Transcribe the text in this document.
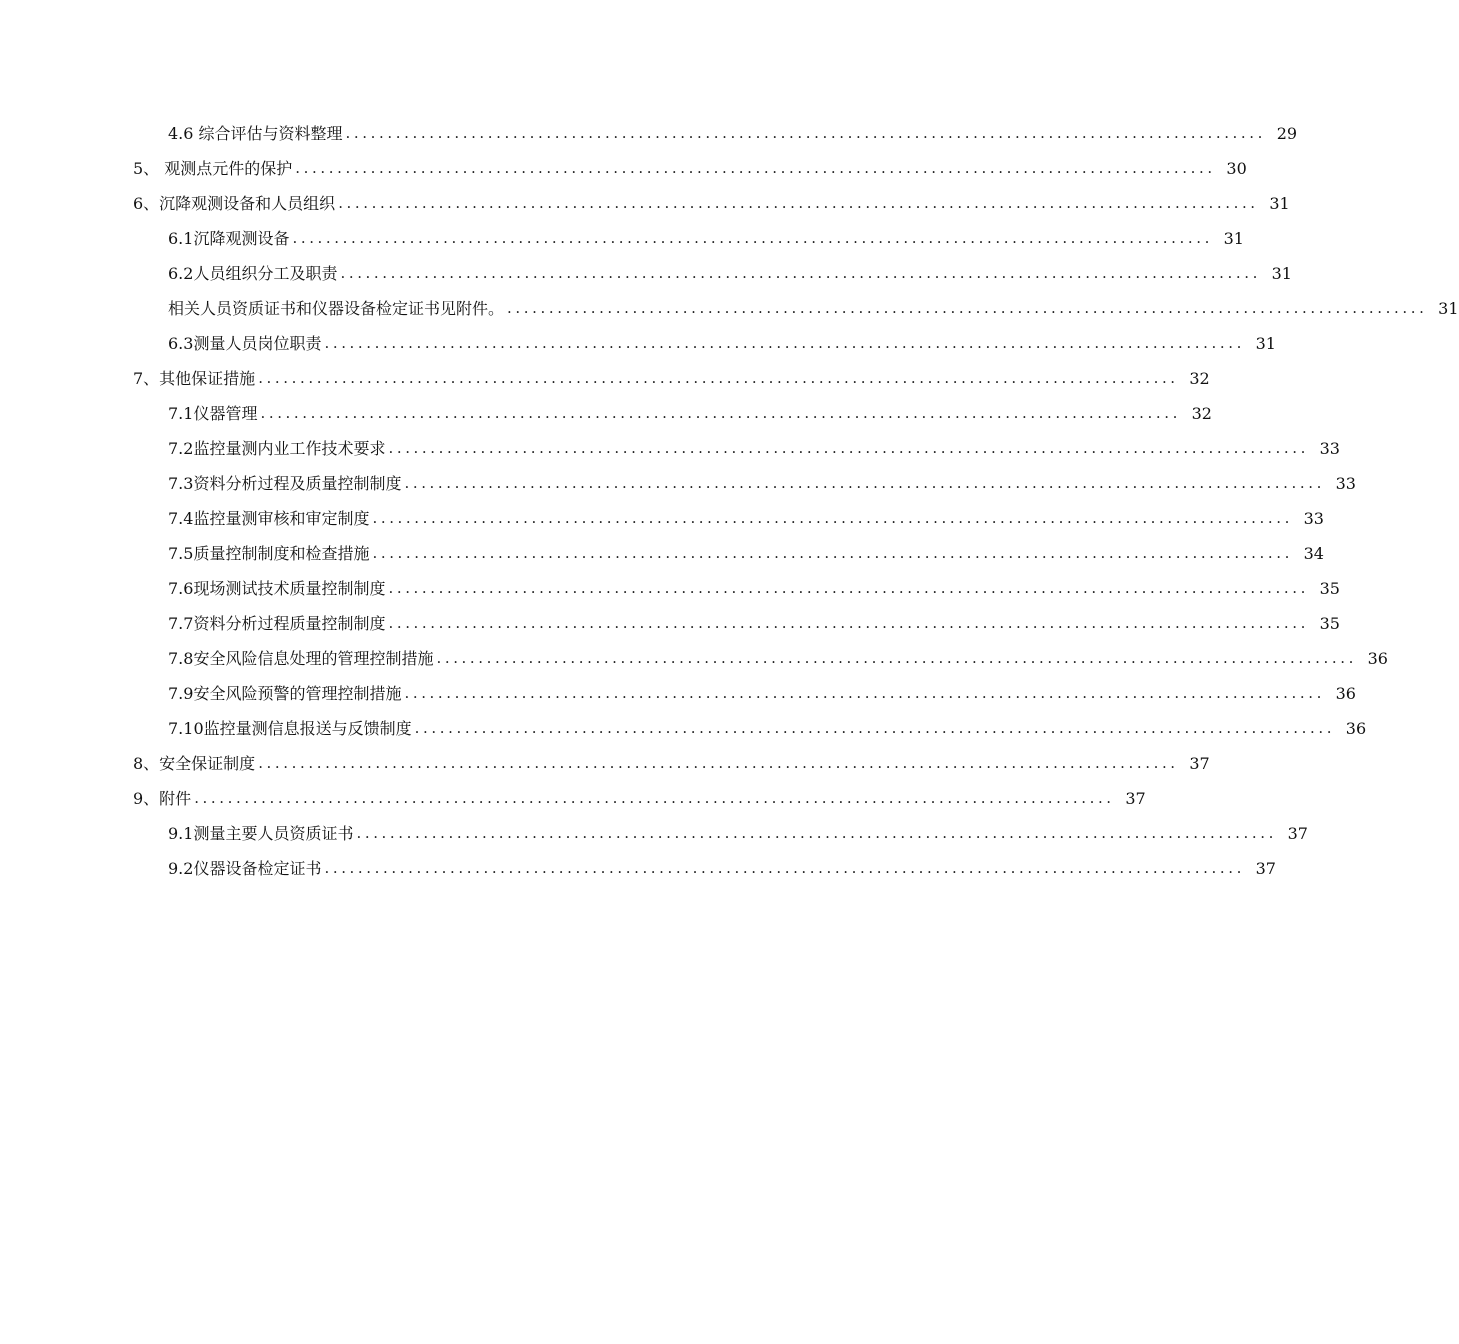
4.6 综合评估与资料整理 .............................................................................................................. 29
5、 观测点元件的保护 .............................................................................................................. 30
6、沉降观测设备和人员组织 .............................................................................................................. 31
6.1沉降观测设备 .............................................................................................................. 31
6.2人员组织分工及职责 .............................................................................................................. 31
相关人员资质证书和仪器设备检定证书见附件。 .............................................................................................................. 31
6.3测量人员岗位职责 .............................................................................................................. 31
7、其他保证措施 .............................................................................................................. 32
7.1仪器管理 .............................................................................................................. 32
7.2监控量测内业工作技术要求 .............................................................................................................. 33
7.3资料分析过程及质量控制制度 .............................................................................................................. 33
7.4监控量测审核和审定制度 .............................................................................................................. 33
7.5质量控制制度和检查措施 .............................................................................................................. 34
7.6现场测试技术质量控制制度 .............................................................................................................. 35
7.7资料分析过程质量控制制度 .............................................................................................................. 35
7.8安全风险信息处理的管理控制措施 .............................................................................................................. 36
7.9安全风险预警的管理控制措施 .............................................................................................................. 36
7.10监控量测信息报送与反馈制度 .............................................................................................................. 36
8、安全保证制度 .............................................................................................................. 37
9、附件 .............................................................................................................. 37
9.1测量主要人员资质证书 .............................................................................................................. 37
9.2仪器设备检定证书 .............................................................................................................. 37
